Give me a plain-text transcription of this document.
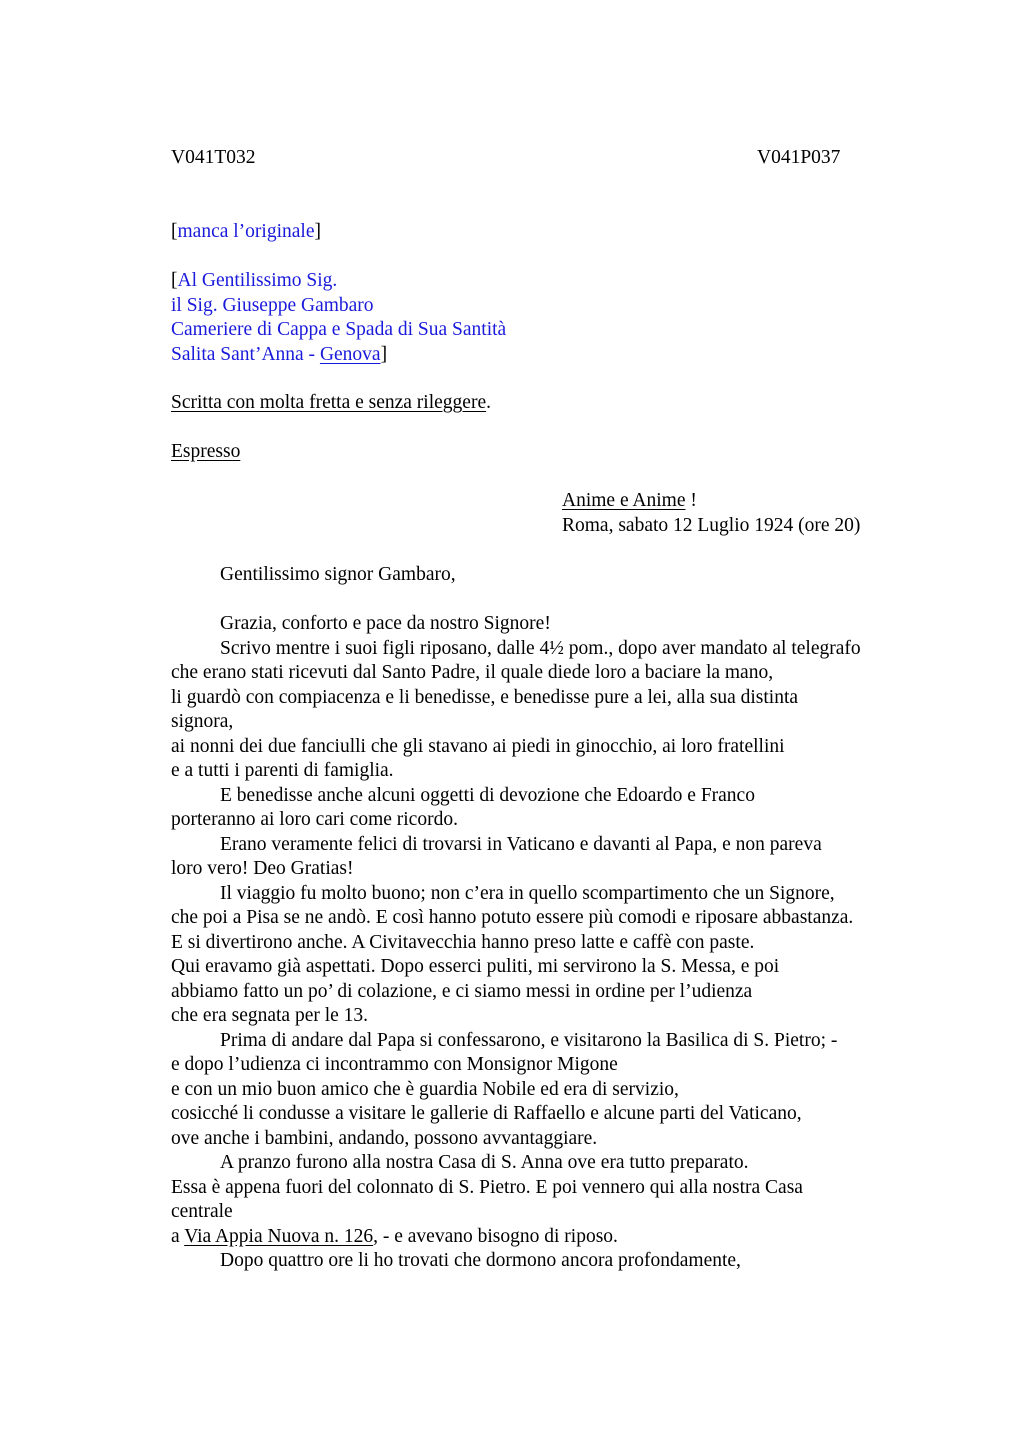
V041T032	V041P037
[manca l’originale]
[Al Gentilissimo Sig.
il Sig. Giuseppe Gambaro
Cameriere di Cappa e Spada di Sua Santità
Salita Sant’Anna - Genova]
Scritta con molta fretta e senza rileggere.
Espresso
Anime e Anime !
Roma, sabato 12 Luglio 1924 (ore 20)
Gentilissimo signor Gambaro,
Grazia, conforto e pace da nostro Signore!
Scrivo mentre i suoi figli riposano, dalle 4½ pom., dopo aver mandato al telegrafo
che erano stati ricevuti dal Santo Padre, il quale diede loro a baciare la mano,
li guardò con compiacenza e li benedisse, e benedisse pure a lei, alla sua distinta
signora,
ai nonni dei due fanciulli che gli stavano ai piedi in ginocchio, ai loro fratellini
e a tutti i parenti di famiglia.
E benedisse anche alcuni oggetti di devozione che Edoardo e Franco
porteranno ai loro cari come ricordo.
Erano veramente felici di trovarsi in Vaticano e davanti al Papa, e non pareva
loro vero! Deo Gratias!
Il viaggio fu molto buono; non c’era in quello scompartimento che un Signore,
che poi a Pisa se ne andò. E così hanno potuto essere più comodi e riposare abbastanza.
E si divertirono anche. A Civitavecchia hanno preso latte e caffè con paste.
Qui eravamo già aspettati. Dopo esserci puliti, mi servirono la S. Messa, e poi
abbiamo fatto un po’ di colazione, e ci siamo messi in ordine per l’udienza
che era segnata per le 13.
Prima di andare dal Papa si confessarono, e visitarono la Basilica di S. Pietro; -
e dopo l’udienza ci incontrammo con Monsignor Migone
e con un mio buon amico che è guardia Nobile ed era di servizio,
cosicché li condusse a visitare le gallerie di Raffaello e alcune parti del Vaticano,
ove anche i bambini, andando, possono avvantaggiare.
A pranzo furono alla nostra Casa di S. Anna ove era tutto preparato.
Essa è appena fuori del colonnato di S. Pietro. E poi vennero qui alla nostra Casa
centrale
a Via Appia Nuova n. 126, - e avevano bisogno di riposo.
Dopo quattro ore li ho trovati che dormono ancora profondamente,
